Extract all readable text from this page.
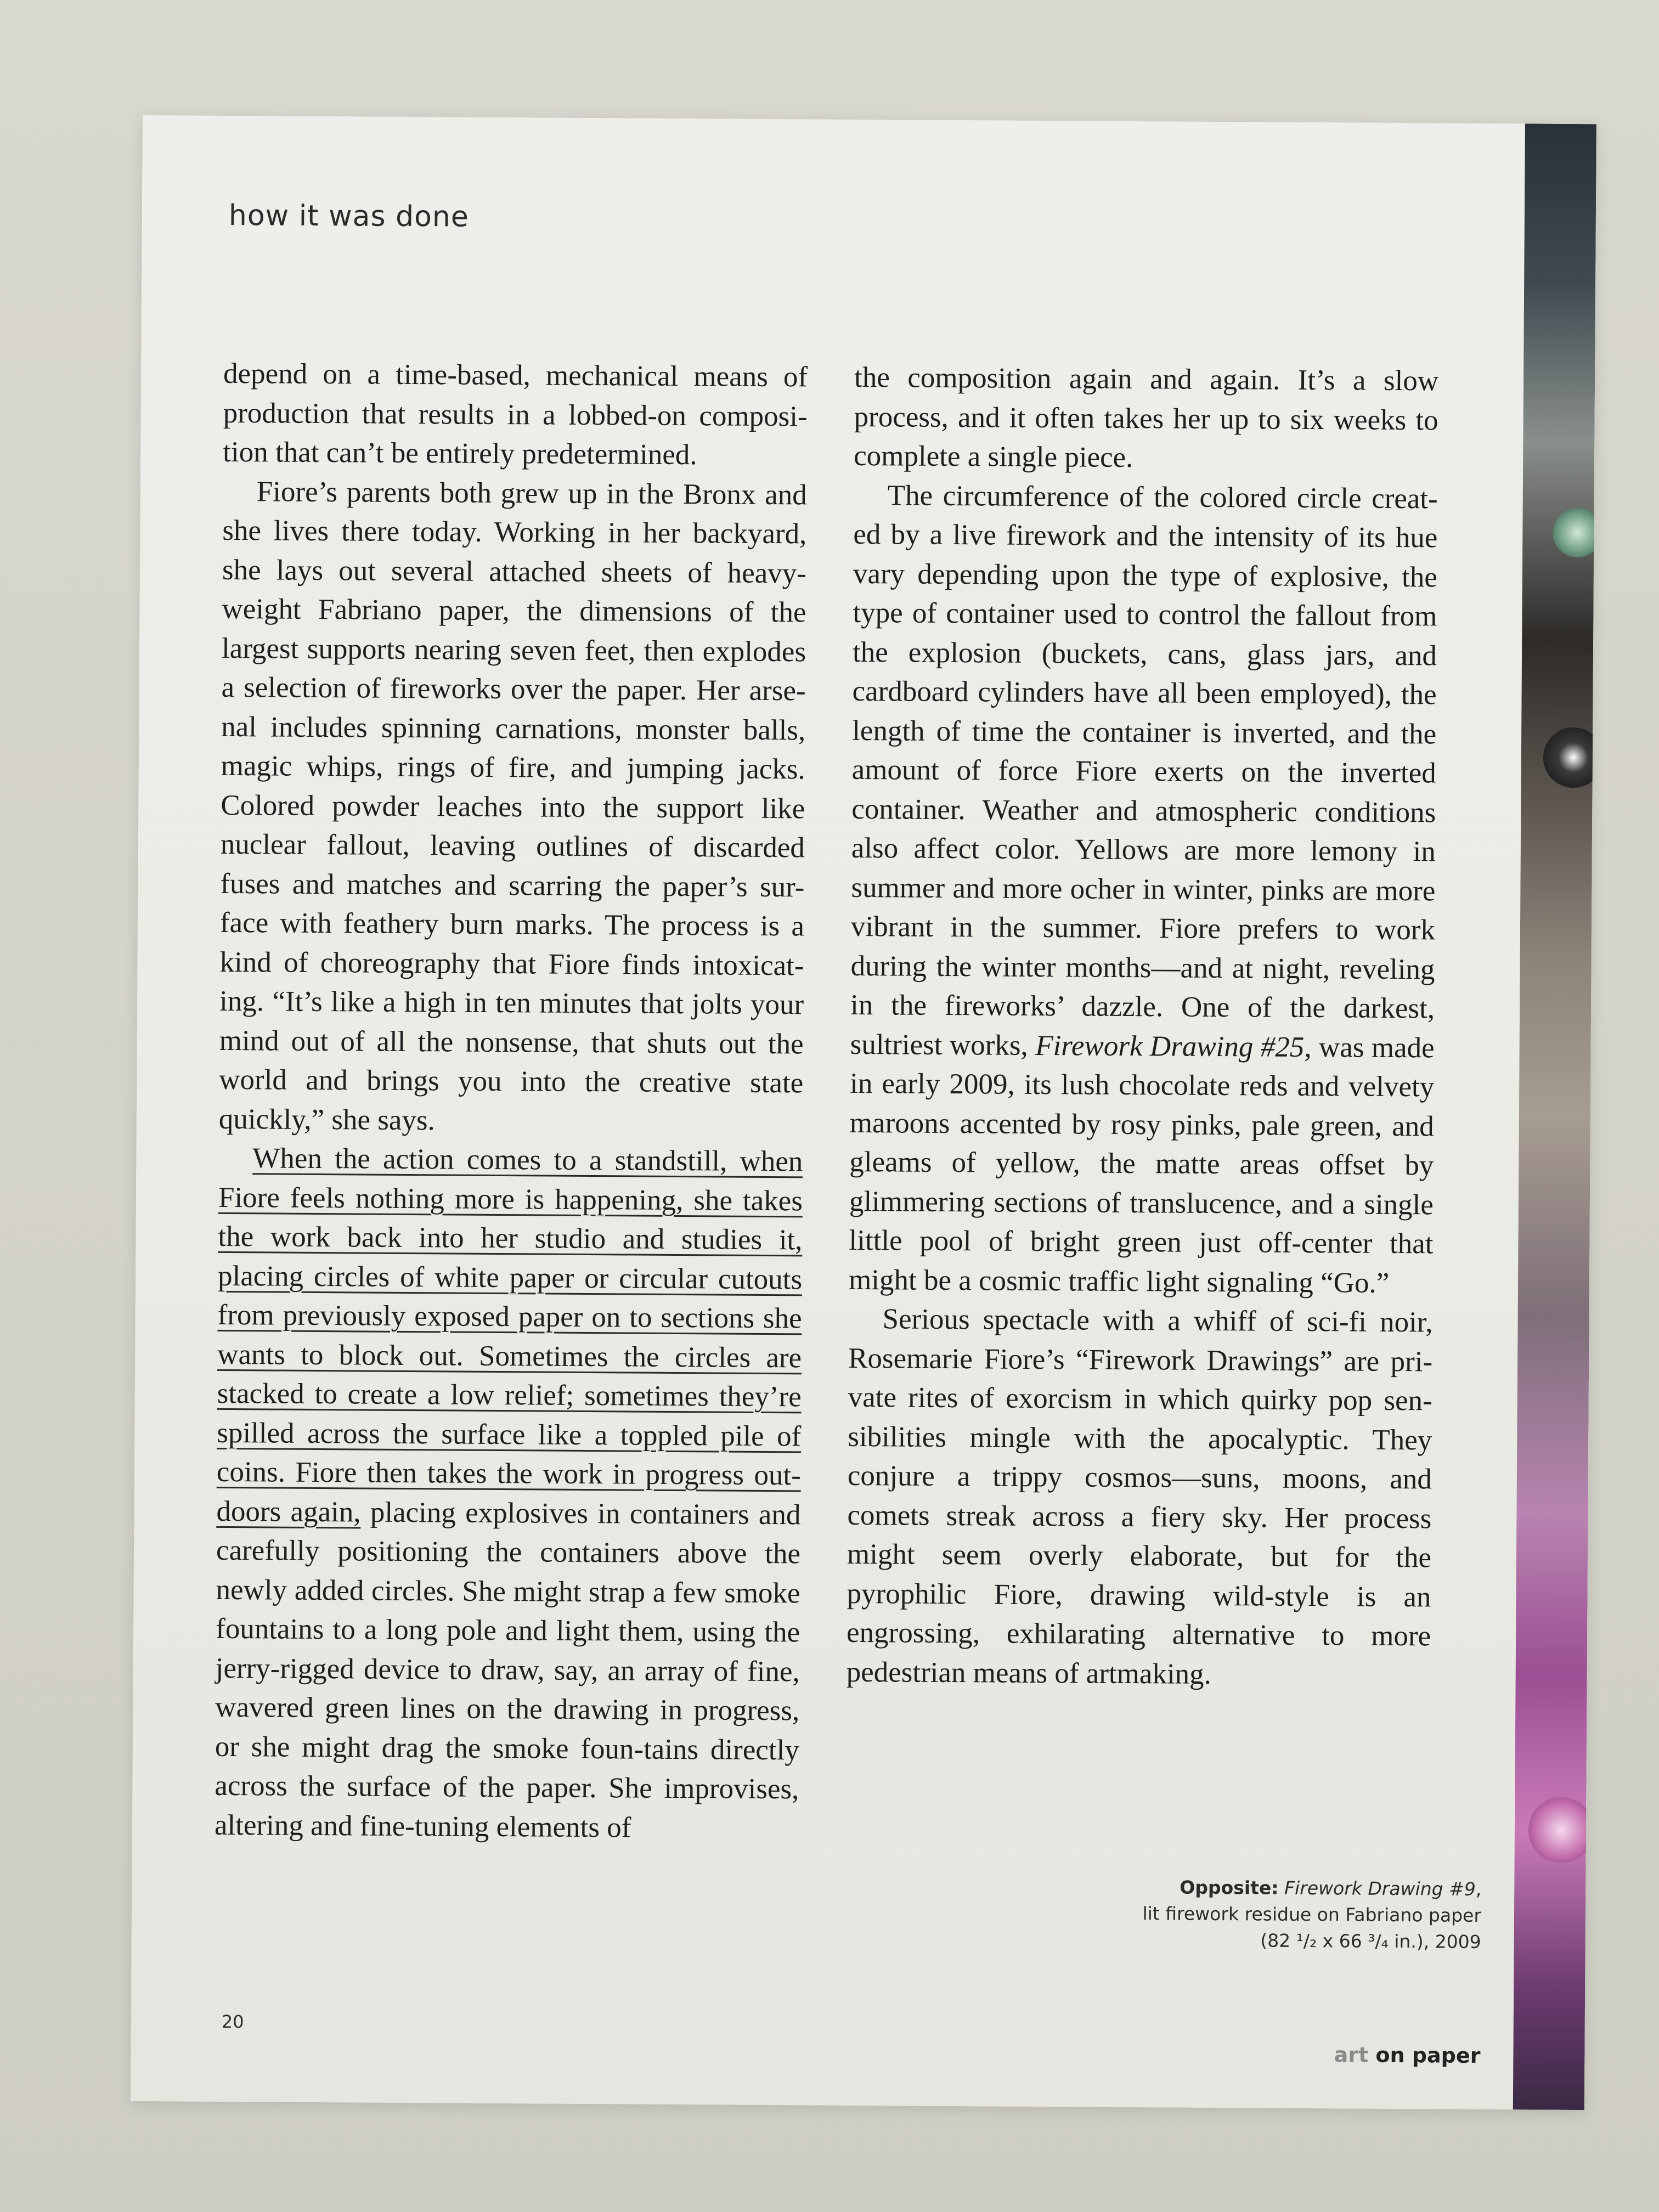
how it was done

depend on a time-based, mechanical means of production that results in a lobbed-on composi-tion that can’t be entirely predetermined.

Fiore’s parents both grew up in the Bronx and she lives there today. Working in her backyard, she lays out several attached sheets of heavy-weight Fabriano paper, the dimensions of the largest supports nearing seven feet, then explodes a selection of fireworks over the paper. Her arse-nal includes spinning carnations, monster balls, magic whips, rings of fire, and jumping jacks. Colored powder leaches into the support like nuclear fallout, leaving outlines of discarded fuses and matches and scarring the paper’s sur-face with feathery burn marks. The process is a kind of choreography that Fiore finds intoxicat-ing. “It’s like a high in ten minutes that jolts your mind out of all the nonsense, that shuts out the world and brings you into the creative state quickly,” she says.

When the action comes to a standstill, when Fiore feels nothing more is happening, she takes the work back into her studio and studies it, placing circles of white paper or circular cutouts from previously exposed paper on to sections she wants to block out. Sometimes the circles are stacked to create a low relief; sometimes they’re spilled across the surface like a toppled pile of coins. Fiore then takes the work in progress out-doors again, placing explosives in containers and carefully positioning the containers above the newly added circles. She might strap a few smoke fountains to a long pole and light them, using the jerry-rigged device to draw, say, an array of fine, wavered green lines on the drawing in progress, or she might drag the smoke foun-tains directly across the surface of the paper. She improvises, altering and fine-tuning elements of

the composition again and again. It’s a slow process, and it often takes her up to six weeks to complete a single piece.

The circumference of the colored circle creat-ed by a live firework and the intensity of its hue vary depending upon the type of explosive, the type of container used to control the fallout from the explosion (buckets, cans, glass jars, and cardboard cylinders have all been employed), the length of time the container is inverted, and the amount of force Fiore exerts on the inverted container. Weather and atmospheric conditions also affect color. Yellows are more lemony in summer and more ocher in winter, pinks are more vibrant in the summer. Fiore prefers to work during the winter months—and at night, reveling in the fireworks’ dazzle. One of the darkest, sultriest works, Firework Drawing #25, was made in early 2009, its lush chocolate reds and velvety maroons accented by rosy pinks, pale green, and gleams of yellow, the matte areas offset by glimmering sections of translucence, and a single little pool of bright green just off-center that might be a cosmic traffic light signaling “Go.”

Serious spectacle with a whiff of sci-fi noir, Rosemarie Fiore’s “Firework Drawings” are pri-vate rites of exorcism in which quirky pop sen-sibilities mingle with the apocalyptic. They conjure a trippy cosmos—suns, moons, and comets streak across a fiery sky. Her process might seem overly elaborate, but for the pyrophilic Fiore, drawing wild-style is an engrossing, exhilarating alternative to more pedestrian means of artmaking.

Opposite: Firework Drawing #9,
lit firework residue on Fabriano paper
(82 ¹/₂ x 66 ³/₄ in.), 2009
20
art on paper
